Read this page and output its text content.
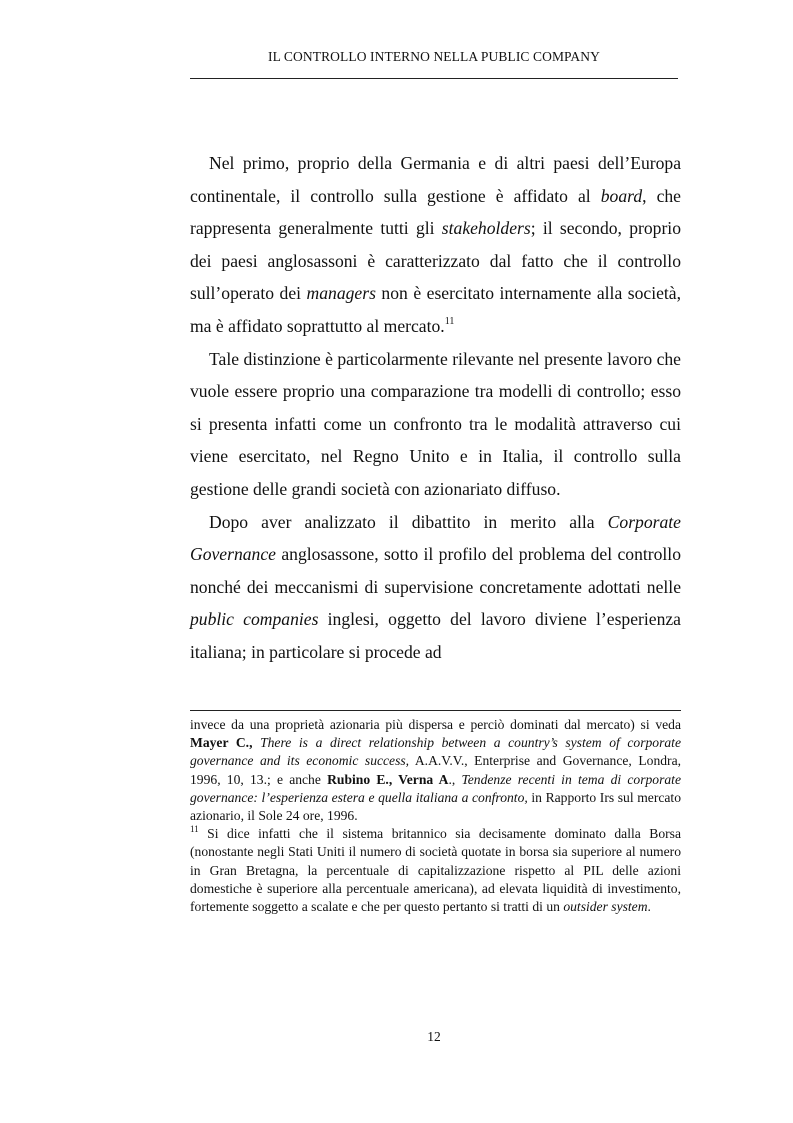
IL CONTROLLO INTERNO NELLA PUBLIC COMPANY

Nel primo, proprio della Germania e di altri paesi dell’Europa continentale, il controllo sulla gestione è affidato al board, che rappresenta generalmente tutti gli stakeholders; il secondo, proprio dei paesi anglosassoni è caratterizzato dal fatto che il controllo sull’operato dei managers non è esercitato internamente alla società, ma è affidato soprattutto al mercato.$^{11}$

Tale distinzione è particolarmente rilevante nel presente lavoro che vuole essere proprio una comparazione tra modelli di controllo; esso si presenta infatti come un confronto tra le modalità attraverso cui viene esercitato, nel Regno Unito e in Italia, il controllo sulla gestione delle grandi società con azionariato diffuso.

Dopo aver analizzato il dibattito in merito alla Corporate Governance anglosassone, sotto il profilo del problema del controllo nonché dei meccanismi di supervisione concretamente adottati nelle public companies inglesi, oggetto del lavoro diviene l’esperienza italiana; in particolare si procede ad

invece da una proprietà azionaria più dispersa e perciò dominati dal mercato) si veda Mayer C., There is a direct relationship between a country’s system of corporate governance and its economic success, A.A.V.V., Enterprise and Governance, Londra, 1996, 10, 13.; e anche Rubino E., Verna A., Tendenze recenti in tema di corporate governance: l’esperienza estera e quella italiana a confronto, in Rapporto Irs sul mercato azionario, il Sole 24 ore, 1996.

$^{11}$ Si dice infatti che il sistema britannico sia decisamente dominato dalla Borsa (nonostante negli Stati Uniti il numero di società quotate in borsa sia superiore al numero in Gran Bretagna, la percentuale di capitalizzazione rispetto al PIL delle azioni domestiche è superiore alla percentuale americana), ad elevata liquidità di investimento, fortemente soggetto a scalate e che per questo pertanto si tratti di un outsider system.

12
